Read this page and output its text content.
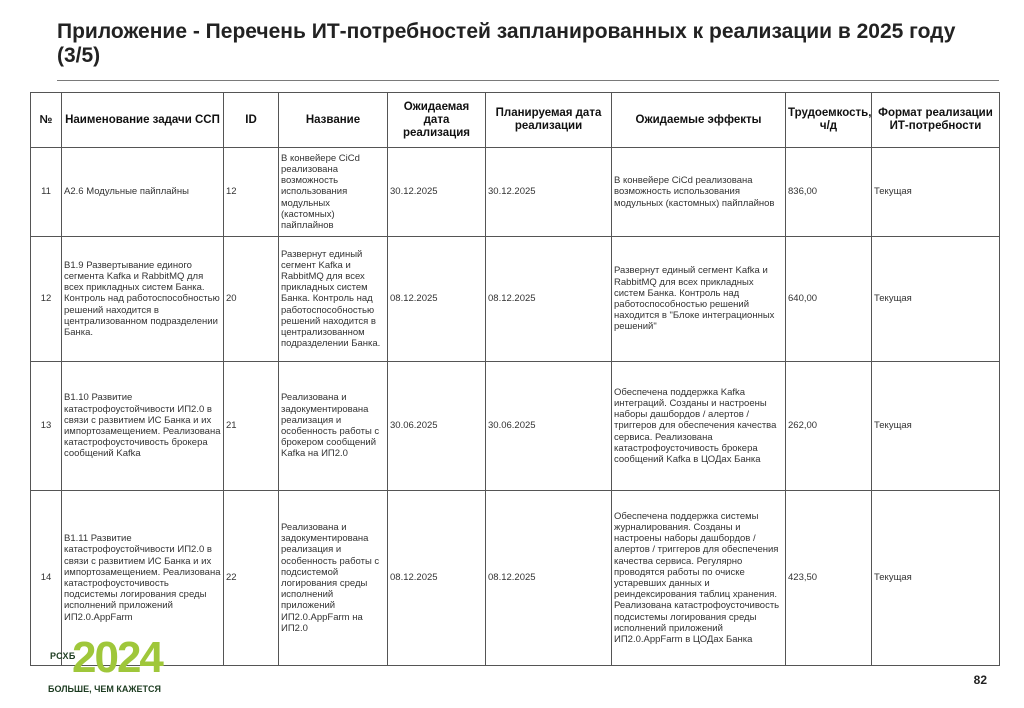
Приложение - Перечень ИТ-потребностей запланированных к реализации в 2025 году (3/5)
№	Наименование задачи ССП	ID	Название	Ожидаемая дата реализация	Планируемая дата реализации	Ожидаемые эффекты	Трудоемкость, ч/д	Формат реализации ИТ-потребности
11	A2.6 Модульные пайплайны	12	В конвейере CiCd реализована возможность использования модульных (кастомных) пайплайнов	30.12.2025	30.12.2025	В конвейере CiCd реализована возможность использования модульных (кастомных) пайплайнов	836,00	Текущая
12	B1.9 Развертывание единого сегмента Kafka и RabbitMQ для всех прикладных систем Банка. Контроль над работоспособностью решений находится в централизованном подразделении Банка.	20	Развернут единый сегмент Kafka и RabbitMQ для всех прикладных систем Банка. Контроль над работоспособностью решений находится в централизованном подразделении Банка.	08.12.2025	08.12.2025	Развернут единый сегмент Kafka и RabbitMQ для всех прикладных систем Банка. Контроль над работоспособностью решений находится в "Блоке интеграционных решений"	640,00	Текущая
13	B1.10 Развитие катастрофоустойчивости ИП2.0 в связи с развитием ИС Банка и их импортозамещением. Реализована катастрофоусточивость брокера сообщений Kafka	21	Реализована и задокументирована реализация и особенность работы с брокером сообщений Kafka на ИП2.0	30.06.2025	30.06.2025	Обеспечена поддержка Kafka интеграций. Созданы и настроены наборы дашбордов / алертов / триггеров для обеспечения качества сервиса. Реализована катастрофоусточивость брокера сообщений Kafka в ЦОДах Банка	262,00	Текущая
14	B1.11 Развитие катастрофоустойчивости ИП2.0 в связи с развитием ИС Банка и их импортозамещением. Реализована катастрофоусточивость подсистемы логирования среды исполнений приложений ИП2.0.AppFarm	22	Реализована и задокументирована реализация и особенность работы с подсистемой логирования среды исполнений приложений ИП2.0.AppFarm на ИП2.0	08.12.2025	08.12.2025	Обеспечена поддержка системы журналирования. Созданы и настроены наборы дашбордов / алертов / триггеров для обеспечения качества сервиса. Регулярно проводятся работы по очиске устаревших данных и реиндексирования таблиц хранения. Реализована катастрофоусточивость подсистемы логирования среды исполнений приложений ИП2.0.AppFarm в ЦОДах Банка	423,50	Текущая
2024
РСХБ
БОЛЬШЕ, ЧЕМ КАЖЕТСЯ
82
